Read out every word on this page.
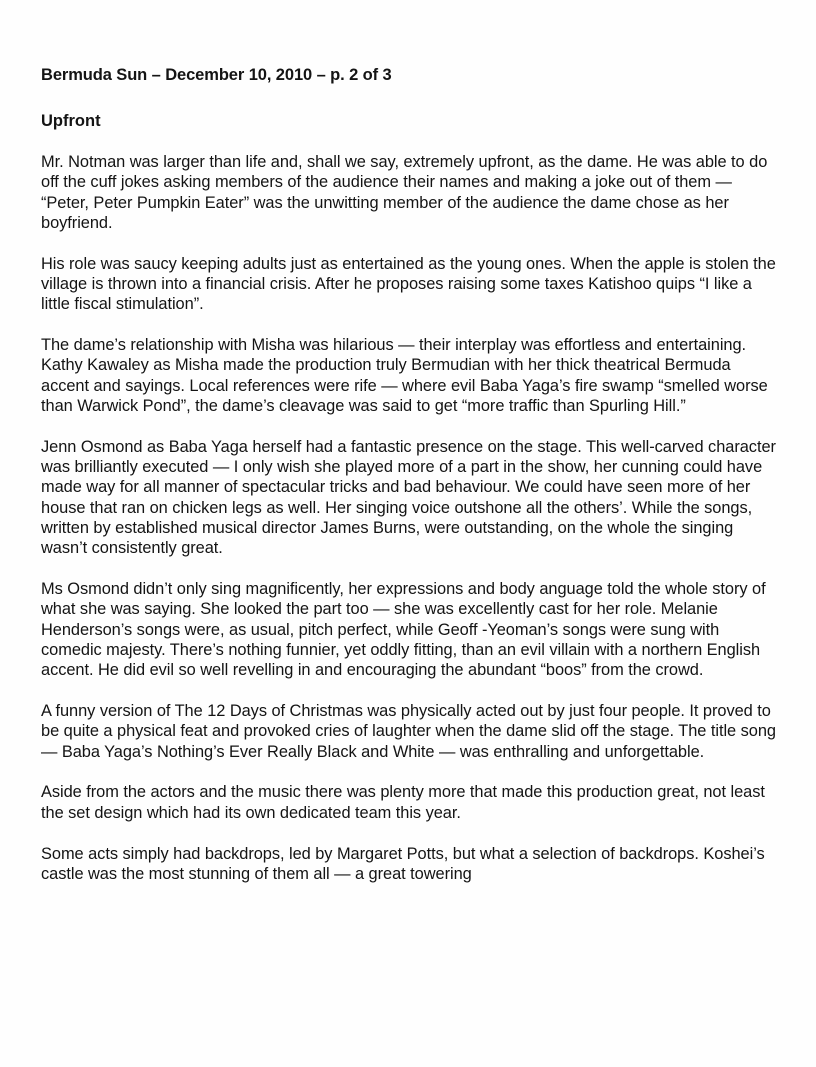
Bermuda Sun – December 10, 2010 – p. 2 of 3
Upfront

Mr. Notman was larger than life and, shall we say, extremely upfront, as the dame. He was able to do off the cuff jokes asking members of the audience their names and making a joke out of them — “Peter, Peter Pumpkin Eater” was the unwitting member of the audience the dame chose as her boyfriend.

His role was saucy keeping adults just as entertained as the young ones. When the apple is stolen the village is thrown into a financial crisis. After he proposes raising some taxes Katishoo quips “I like a little fiscal stimulation”.

The dame’s relationship with Misha was hilarious — their interplay was effortless and entertaining. Kathy Kawaley as Misha made the production truly Bermudian with her thick theatrical Bermuda accent and sayings. Local references were rife — where evil Baba Yaga’s fire swamp “smelled worse than Warwick Pond”, the dame’s cleavage was said to get “more traffic than Spurling Hill.”

Jenn Osmond as Baba Yaga herself had a fantastic presence on the stage. This well-carved character was brilliantly executed — I only wish she played more of a part in the show, her cunning could have made way for all manner of spectacular tricks and bad behaviour. We could have seen more of her house that ran on chicken legs as well. Her singing voice outshone all the others’. While the songs, written by established musical director James Burns, were outstanding, on the whole the singing wasn’t consistently great.

Ms Osmond didn’t only sing magnificently, her expressions and body anguage told the whole story of what she was saying. She looked the part too — she was excellently cast for her role. Melanie Henderson’s songs were, as usual, pitch perfect, while Geoff -Yeoman’s songs were sung with comedic majesty. There’s nothing funnier, yet oddly fitting, than an evil villain with a northern English accent. He did evil so well revelling in and encouraging the abundant “boos” from the crowd.

A funny version of The 12 Days of Christmas was physically acted out by just four people. It proved to be quite a physical feat and provoked cries of laughter when the dame slid off the stage. The title song — Baba Yaga’s Nothing’s Ever Really Black and White — was enthralling and unforgettable.

Aside from the actors and the music there was plenty more that made this production great, not least the set design which had its own dedicated team this year.

Some acts simply had backdrops, led by Margaret Potts, but what a selection of backdrops. Koshei’s castle was the most stunning of them all — a great towering
